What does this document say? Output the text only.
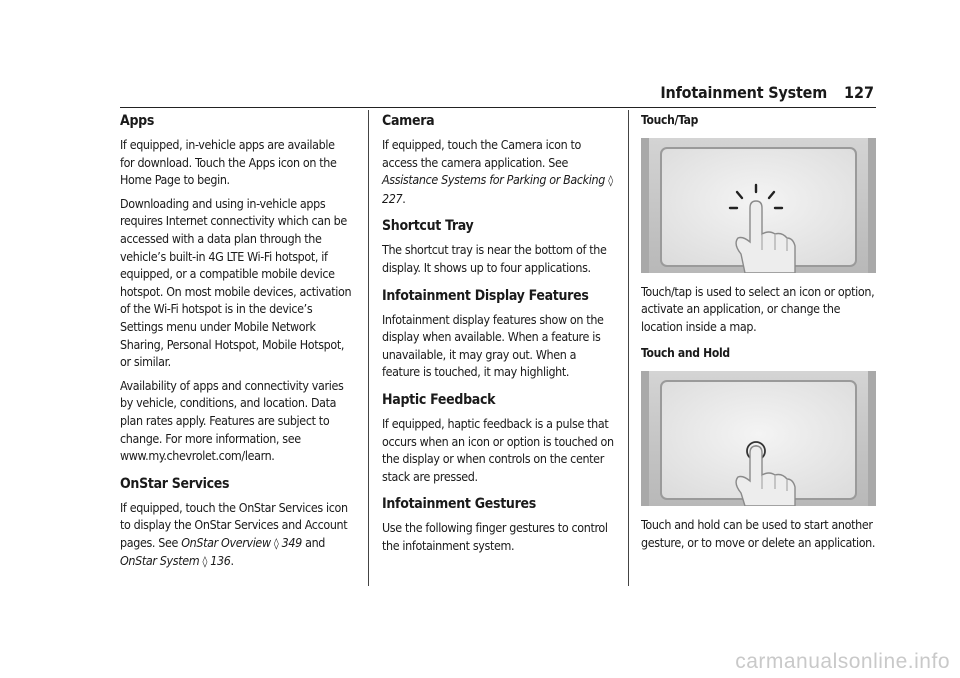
Infotainment System 127
Apps

If equipped, in-vehicle apps are available for download. Touch the Apps icon on the Home Page to begin.

Downloading and using in-vehicle apps requires Internet connectivity which can be accessed with a data plan through the vehicle’s built-in 4G LTE Wi-Fi hotspot, if equipped, or a compatible mobile device hotspot. On most mobile devices, activation of the Wi-Fi hotspot is in the device’s Settings menu under Mobile Network Sharing, Personal Hotspot, Mobile Hotspot, or similar.

Availability of apps and connectivity varies by vehicle, conditions, and location. Data plan rates apply. Features are subject to change. For more information, see www.my.chevrolet.com/learn.

OnStar Services

If equipped, touch the OnStar Services icon to display the OnStar Services and Account pages. See OnStar Overview ◊ 349 and OnStar System ◊ 136.

Camera

If equipped, touch the Camera icon to access the camera application. See Assistance Systems for Parking or Backing ◊ 227.

Shortcut Tray

The shortcut tray is near the bottom of the display. It shows up to four applications.

Infotainment Display Features

Infotainment display features show on the display when available. When a feature is unavailable, it may gray out. When a feature is touched, it may highlight.

Haptic Feedback

If equipped, haptic feedback is a pulse that occurs when an icon or option is touched on the display or when controls on the center stack are pressed.

Infotainment Gestures

Use the following finger gestures to control the infotainment system.

Touch/Tap

Touch/tap is used to select an icon or option, activate an application, or change the location inside a map.

Touch and Hold

Touch and hold can be used to start another gesture, or to move or delete an application.

carmanualsonline.info
